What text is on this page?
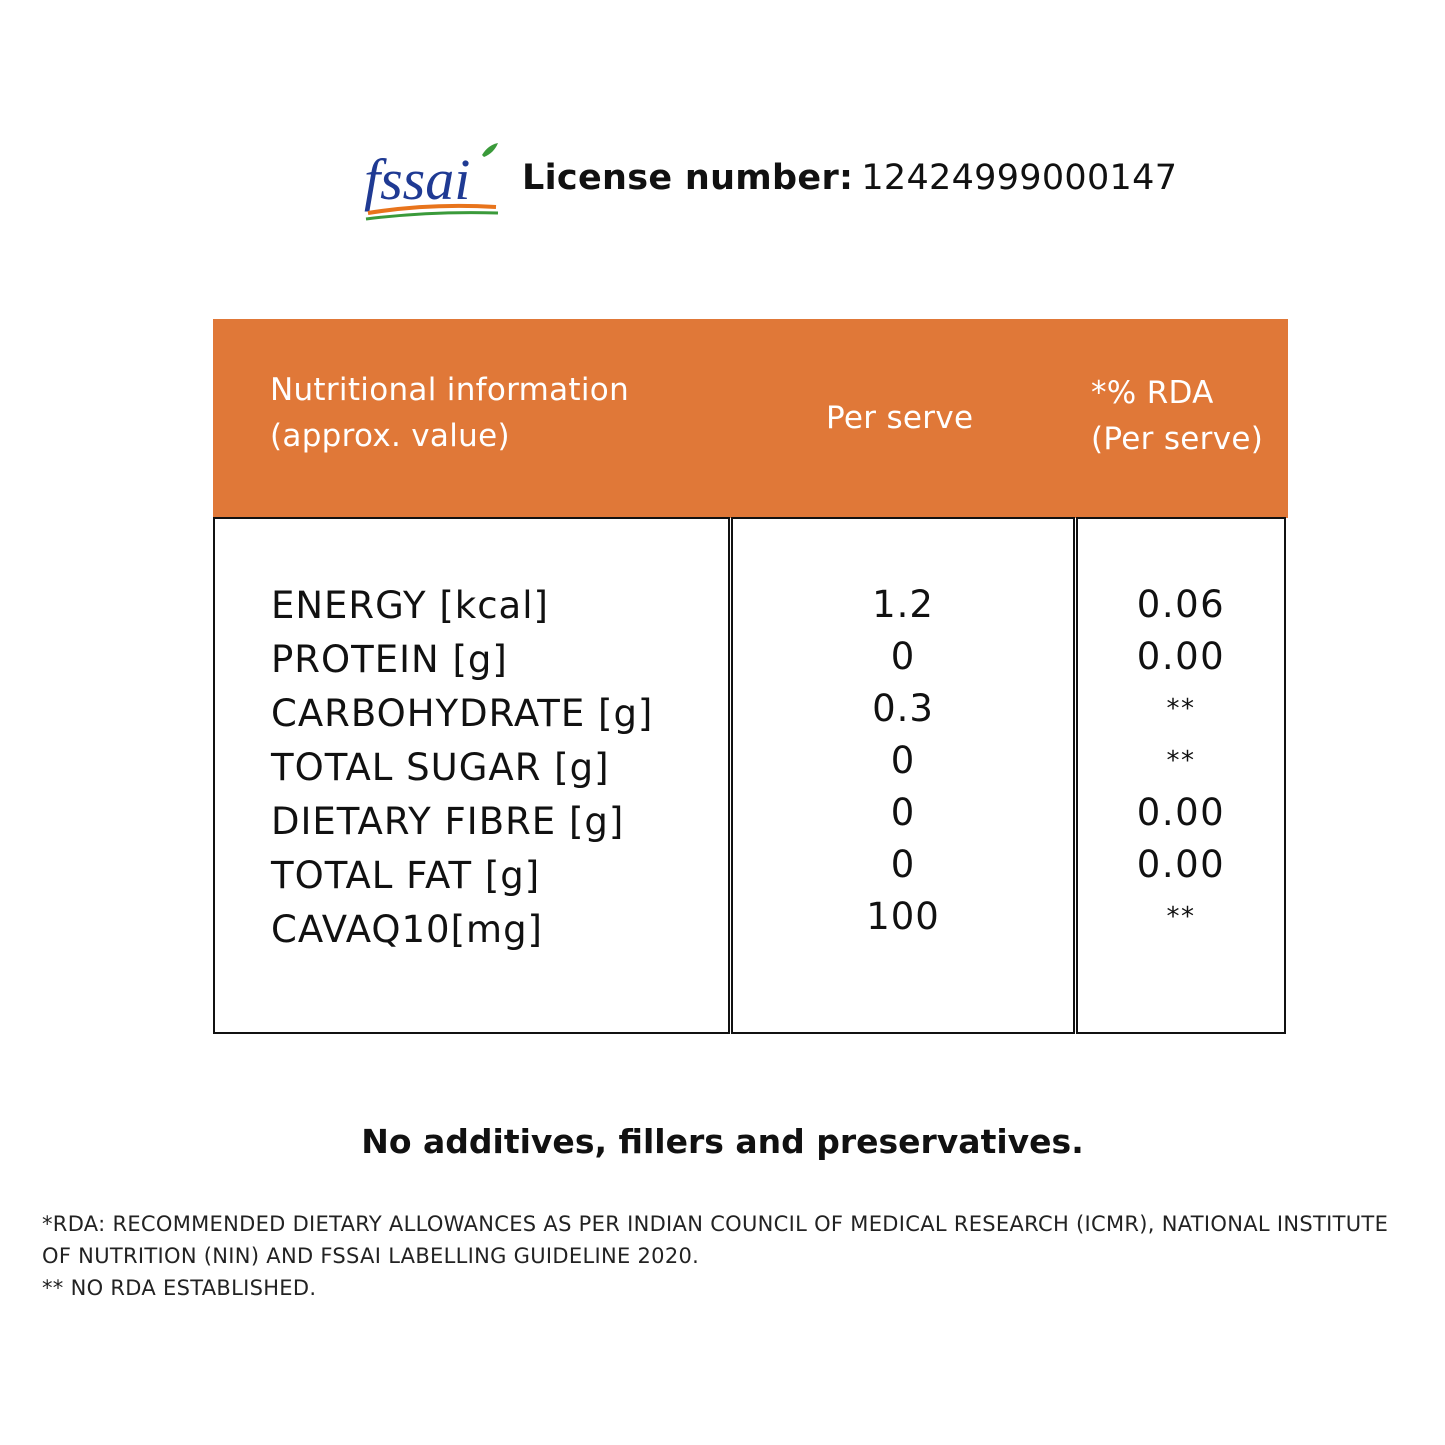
fssai License number: 12424999000147
Nutritional information
(approx. value)	Per serve
*% RDA
(Per serve)
ENERGY [kcal]
PROTEIN [g]
CARBOHYDRATE [g]
TOTAL SUGAR [g]
DIETARY FIBRE [g]
TOTAL FAT [g]
CAVAQ10[mg]
1.2
0
0.3
0
0
0
100
0.06
0.00
**
**
0.00
0.00
**
No additives, fillers and preservatives.

*RDA: RECOMMENDED DIETARY ALLOWANCES AS PER INDIAN COUNCIL OF MEDICAL RESEARCH (ICMR), NATIONAL INSTITUTE OF NUTRITION (NIN) AND FSSAI LABELLING GUIDELINE 2020.

** NO RDA ESTABLISHED.
